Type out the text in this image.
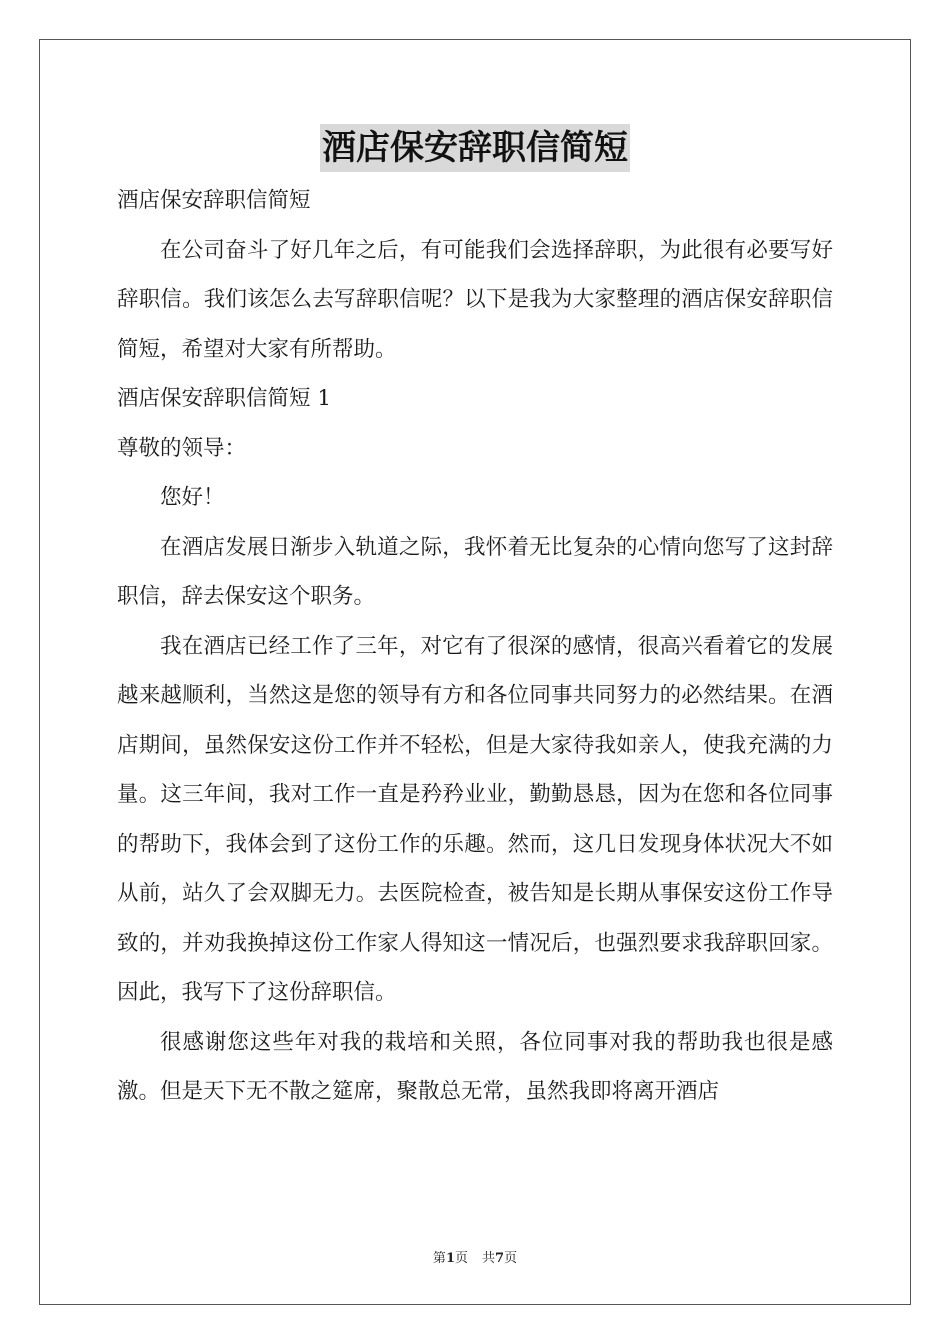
酒店保安辞职信简短

酒店保安辞职信简短

在公司奋斗了好几年之后，有可能我们会选择辞职，为此很有必要写好辞职信。我们该怎么去写辞职信呢？以下是我为大家整理的酒店保安辞职信简短，希望对大家有所帮助。

酒店保安辞职信简短 1

尊敬的领导：

您好！

在酒店发展日渐步入轨道之际，我怀着无比复杂的心情向您写了这封辞职信，辞去保安这个职务。

我在酒店已经工作了三年，对它有了很深的感情，很高兴看着它的发展越来越顺利，当然这是您的领导有方和各位同事共同努力的必然结果。在酒店期间，虽然保安这份工作并不轻松，但是大家待我如亲人，使我充满的力量。这三年间，我对工作一直是矜矜业业，勤勤恳恳，因为在您和各位同事的帮助下，我体会到了这份工作的乐趣。然而，这几日发现身体状况大不如从前，站久了会双脚无力。去医院检查，被告知是长期从事保安这份工作导致的，并劝我换掉这份工作家人得知这一情况后，也强烈要求我辞职回家。因此，我写下了这份辞职信。

很感谢您这些年对我的栽培和关照，各位同事对我的帮助我也很是感激。但是天下无不散之筵席，聚散总无常，虽然我即将离开酒店

第1页 共7页
